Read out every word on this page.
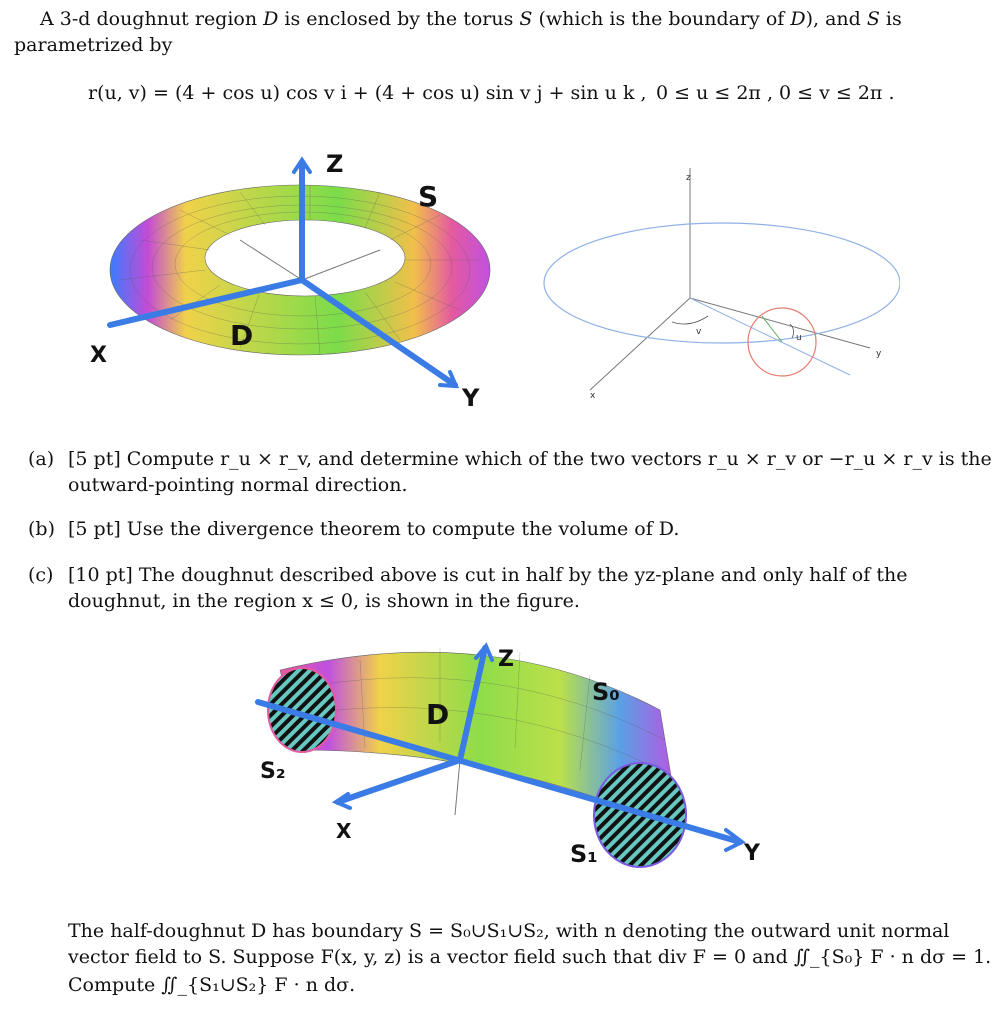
A 3-d doughnut region D is enclosed by the torus S (which is the boundary of D), and S is
parametrized by
r(u, v) = (4 + cos u) cos v i + (4 + cos u) sin v j + sin u k , 0 ≤ u ≤ 2π , 0 ≤ v ≤ 2π .
Z
S
D
X
Y
z
x
y
u
v
(a) [5 pt] Compute r_u × r_v, and determine which of the two vectors r_u × r_v or −r_u × r_v is the
outward-pointing normal direction.
(b) [5 pt] Use the divergence theorem to compute the volume of D.
(c) [10 pt] The doughnut described above is cut in half by the yz-plane and only half of the
doughnut, in the region x ≤ 0, is shown in the figure.
Z
D
S₀
S₁
S₂
X
Y
The half-doughnut D has boundary S = S₀∪S₁∪S₂, with n denoting the outward unit normal
vector field to S. Suppose F(x, y, z) is a vector field such that div F = 0 and ∬_{S₀} F · n dσ = 1.
Compute ∬_{S₁∪S₂} F · n dσ.
